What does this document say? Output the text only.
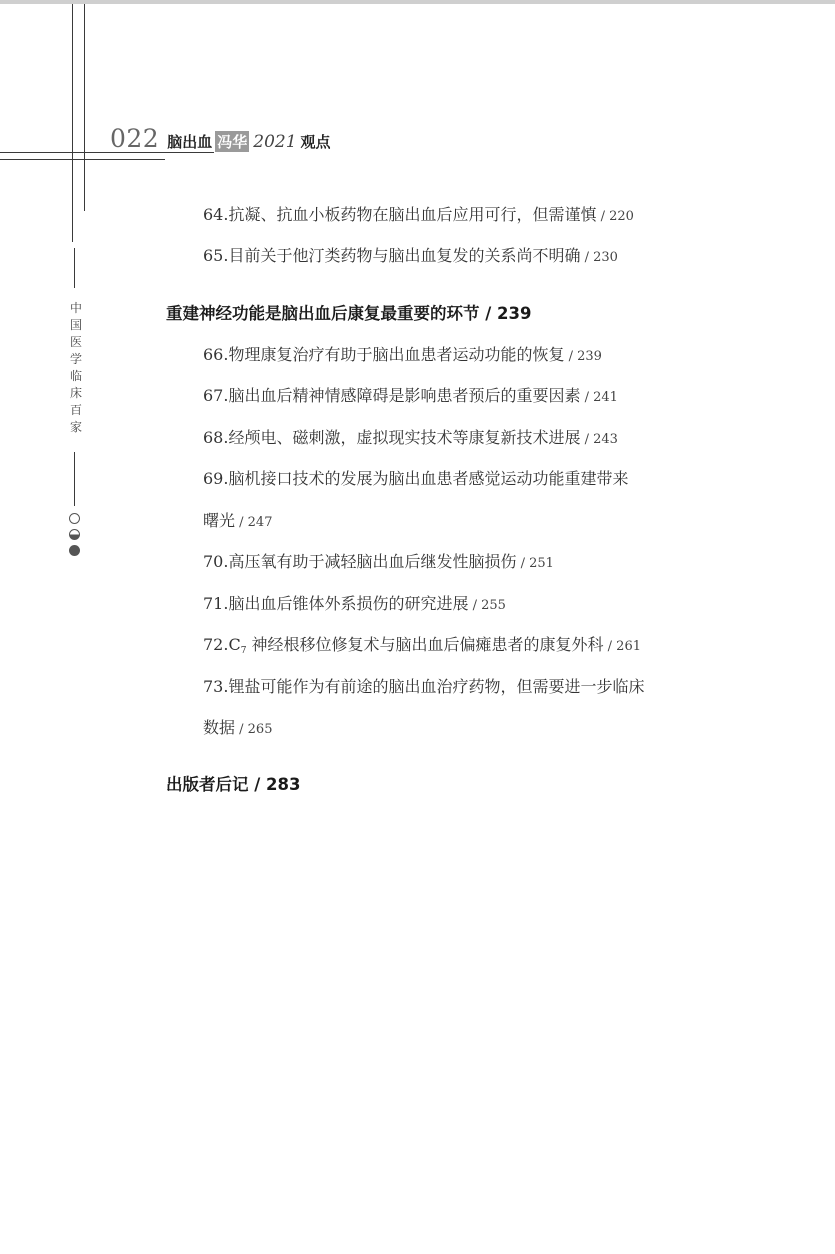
022 脑出血 冯华 2021 观点
中国医学临床百家
64.抗凝、抗血小板药物在脑出血后应用可行，但需谨慎 / 220
65.目前关于他汀类药物与脑出血复发的关系尚不明确 / 230
重建神经功能是脑出血后康复最重要的环节 / 239
66.物理康复治疗有助于脑出血患者运动功能的恢复 / 239
67.脑出血后精神情感障碍是影响患者预后的重要因素 / 241
68.经颅电、磁刺激，虚拟现实技术等康复新技术进展 / 243
69.脑机接口技术的发展为脑出血患者感觉运动功能重建带来
曙光 / 247
70.高压氧有助于减轻脑出血后继发性脑损伤 / 251
71.脑出血后锥体外系损伤的研究进展 / 255
$72.C_7$ 神经根移位修复术与脑出血后偏瘫患者的康复外科 / 261
73.锂盐可能作为有前途的脑出血治疗药物，但需要进一步临床
数据 / 265
出版者后记 / 283
